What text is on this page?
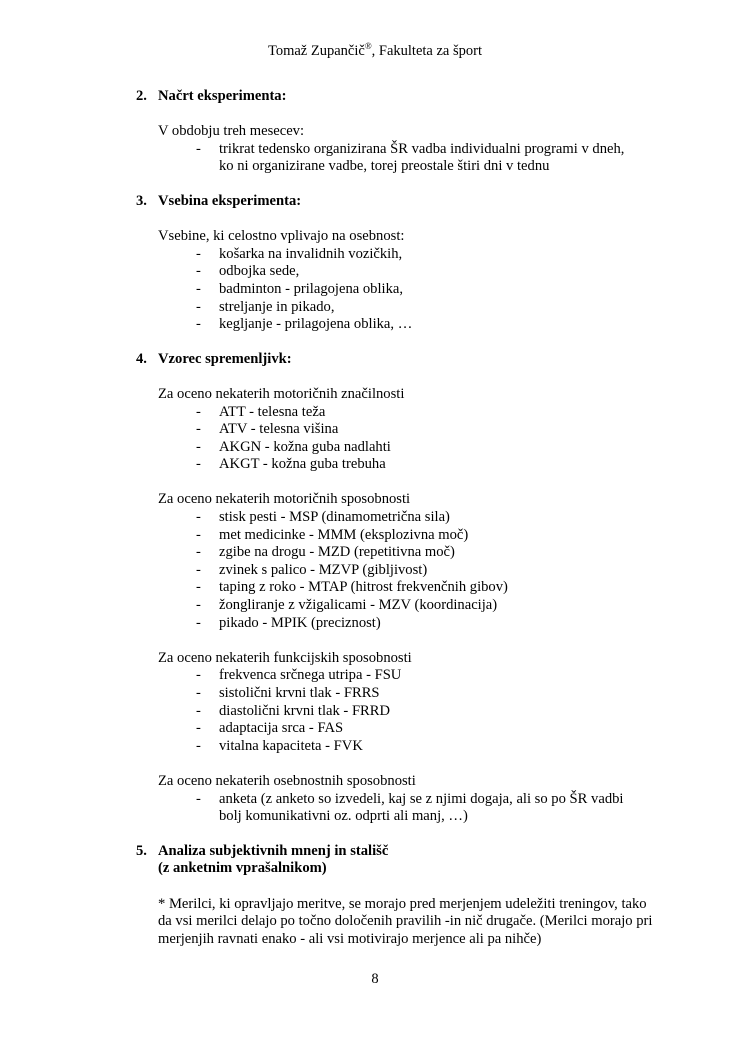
Tomaž Zupančič®, Fakulteta za šport
2. Načrt eksperimenta:
V obdobju treh mesecev:
- trikrat tedensko organizirana ŠR vadba individualni programi v dneh, ko ni organizirane vadbe, torej preostale štiri dni v tednu
3. Vsebina eksperimenta:
Vsebine, ki celostno vplivajo na osebnost:
- košarka na invalidnih vozičkih,
- odbojka sede,
- badminton - prilagojena oblika,
- streljanje in pikado,
- kegljanje - prilagojena oblika, …
4. Vzorec spremenljivk:
Za oceno nekaterih motoričnih značilnosti
- ATT - telesna teža
- ATV - telesna višina
- AKGN - kožna guba nadlahti
- AKGT - kožna guba trebuha
Za oceno nekaterih motoričnih sposobnosti
- stisk pesti - MSP (dinamometrična sila)
- met medicinke - MMM (eksplozivna moč)
- zgibe na drogu - MZD (repetitivna moč)
- zvinek s palico - MZVP (gibljivost)
- taping z roko - MTAP (hitrost frekvenčnih gibov)
- žongliranje z vžigalicami - MZV (koordinacija)
- pikado - MPIK (preciznost)
Za oceno nekaterih funkcijskih sposobnosti
- frekvenca srčnega utripa - FSU
- sistolični krvni tlak - FRRS
- diastolični krvni tlak - FRRD
- adaptacija srca - FAS
- vitalna kapaciteta - FVK
Za oceno nekaterih osebnostnih sposobnosti
- anketa (z anketo so izvedeli, kaj se z njimi dogaja, ali so po ŠR vadbi bolj komunikativni oz. odprti ali manj, …)
5. Analiza subjektivnih mnenj in stališč
(z anketnim vprašalnikom)
* Merilci, ki opravljajo meritve, se morajo pred merjenjem udeležiti treningov, tako da vsi merilci delajo po točno določenih pravilih -in nič drugače. (Merilci morajo pri merjenjih ravnati enako - ali vsi motivirajo merjence ali pa nihče)
8
